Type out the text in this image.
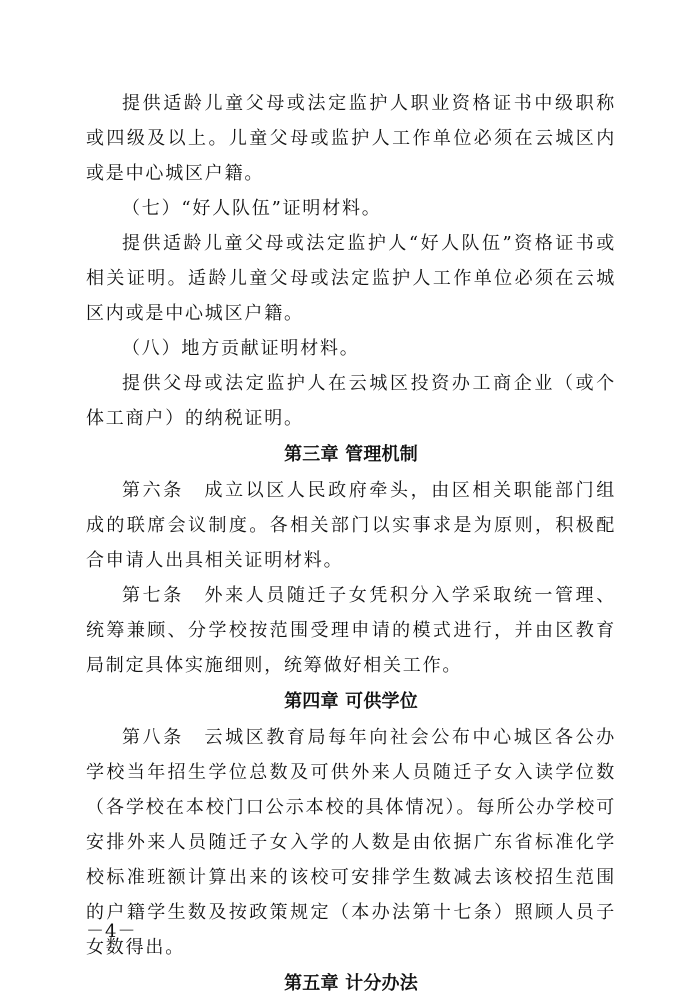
提供适龄儿童父母或法定监护人职业资格证书中级职称或四级及以上。儿童父母或监护人工作单位必须在云城区内或是中心城区户籍。

（七）“好人队伍”证明材料。

提供适龄儿童父母或法定监护人“好人队伍”资格证书或相关证明。适龄儿童父母或法定监护人工作单位必须在云城区内或是中心城区户籍。

（八）地方贡献证明材料。

提供父母或法定监护人在云城区投资办工商企业（或个体工商户）的纳税证明。

第三章 管理机制

第六条　成立以区人民政府牵头，由区相关职能部门组成的联席会议制度。各相关部门以实事求是为原则，积极配合申请人出具相关证明材料。

第七条　外来人员随迁子女凭积分入学采取统一管理、统筹兼顾、分学校按范围受理申请的模式进行，并由区教育局制定具体实施细则，统筹做好相关工作。

第四章 可供学位

第八条　云城区教育局每年向社会公布中心城区各公办学校当年招生学位总数及可供外来人员随迁子女入读学位数（各学校在本校门口公示本校的具体情况）。每所公办学校可安排外来人员随迁子女入学的人数是由依据广东省标准化学校标准班额计算出来的该校可安排学生数减去该校招生范围的户籍学生数及按政策规定（本办法第十七条）照顾人员子女数得出。

第五章 计分办法
－4－
